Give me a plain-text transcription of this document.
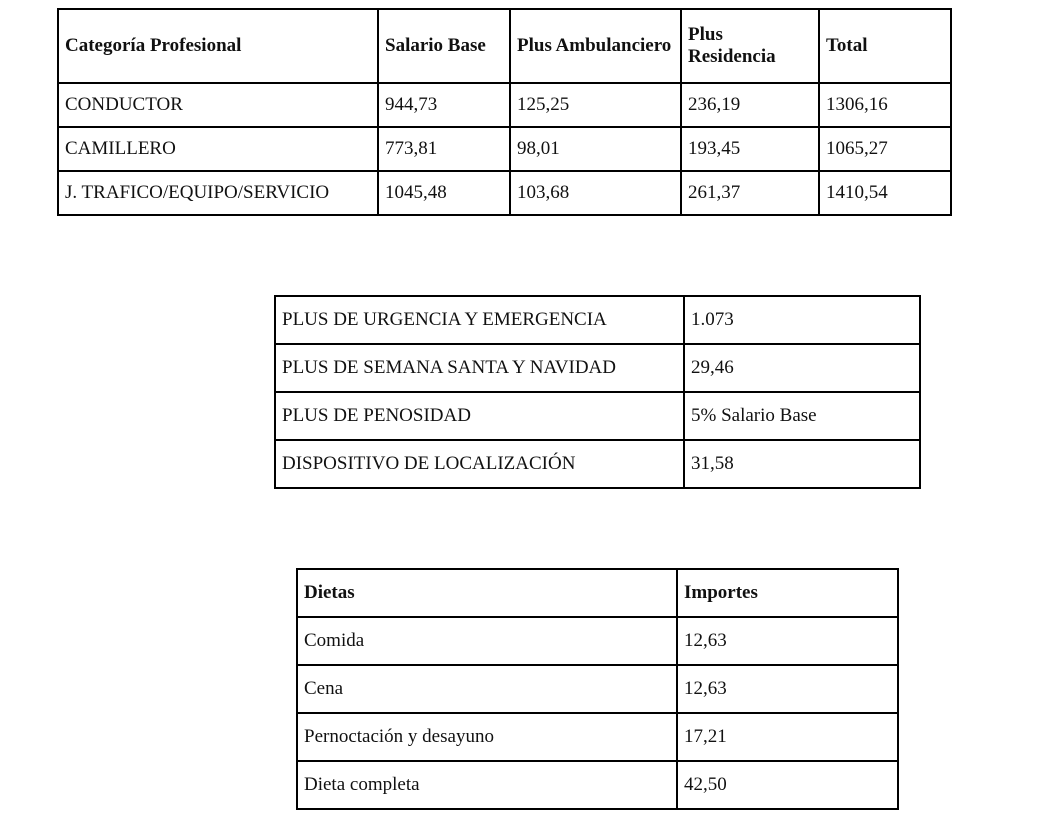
Categoría Profesional	Salario Base	Plus Ambulanciero	Plus Residencia	Total
CONDUCTOR	944,73	125,25	236,19	1306,16
CAMILLERO	773,81	98,01	193,45	1065,27
J. TRAFICO/EQUIPO/SERVICIO	1045,48	103,68	261,37	1410,54
PLUS DE URGENCIA Y EMERGENCIA	1.073
PLUS DE SEMANA SANTA Y NAVIDAD	29,46
PLUS DE PENOSIDAD	5% Salario Base
DISPOSITIVO DE LOCALIZACIÓN	31,58
Dietas	Importes
Comida	12,63
Cena	12,63
Pernoctación y desayuno	17,21
Dieta completa	42,50
